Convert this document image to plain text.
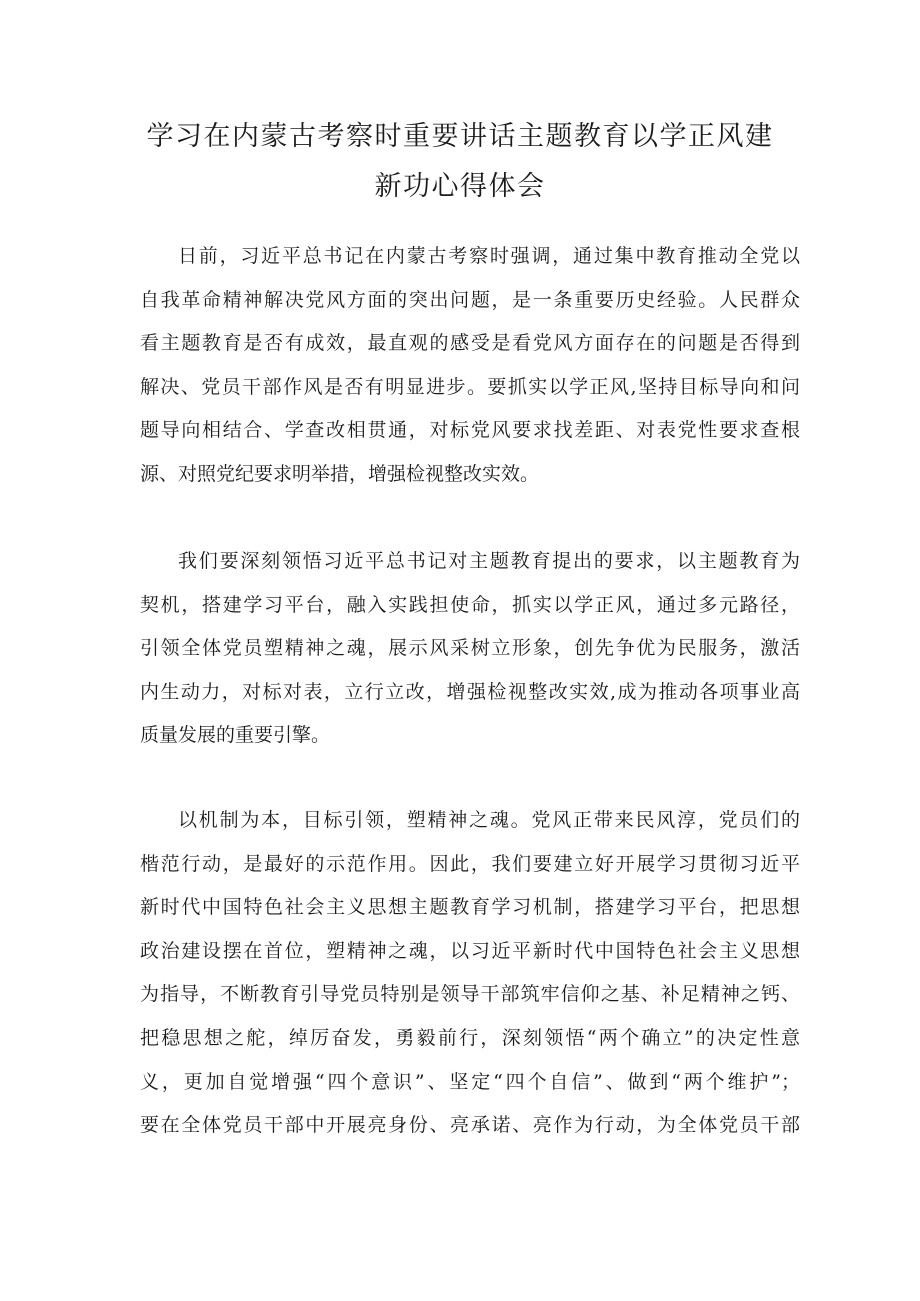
学习在内蒙古考察时重要讲话主题教育以学正风建
新功心得体会
日前，习近平总书记在内蒙古考察时强调，通过集中教育推动全党以
自我革命精神解决党风方面的突出问题，是一条重要历史经验。人民群众
看主题教育是否有成效，最直观的感受是看党风方面存在的问题是否得到
解决、党员干部作风是否有明显进步。要抓实以学正风,坚持目标导向和问
题导向相结合、学查改相贯通，对标党风要求找差距、对表党性要求查根
源、对照党纪要求明举措，增强检视整改实效。
我们要深刻领悟习近平总书记对主题教育提出的要求，以主题教育为
契机，搭建学习平台，融入实践担使命，抓实以学正风，通过多元路径，
引领全体党员塑精神之魂，展示风采树立形象，创先争优为民服务，激活
内生动力，对标对表，立行立改，增强检视整改实效,成为推动各项事业高
质量发展的重要引擎。
以机制为本，目标引领，塑精神之魂。党风正带来民风淳，党员们的
楷范行动，是最好的示范作用。因此，我们要建立好开展学习贯彻习近平
新时代中国特色社会主义思想主题教育学习机制，搭建学习平台，把思想
政治建设摆在首位，塑精神之魂，以习近平新时代中国特色社会主义思想
为指导，不断教育引导党员特别是领导干部筑牢信仰之基、补足精神之钙、
把稳思想之舵，绰厉奋发，勇毅前行，深刻领悟“两个确立”的决定性意
义，更加自觉增强“四个意识”、坚定“四个自信”、做到“两个维护”；
要在全体党员干部中开展亮身份、亮承诺、亮作为行动，为全体党员干部
